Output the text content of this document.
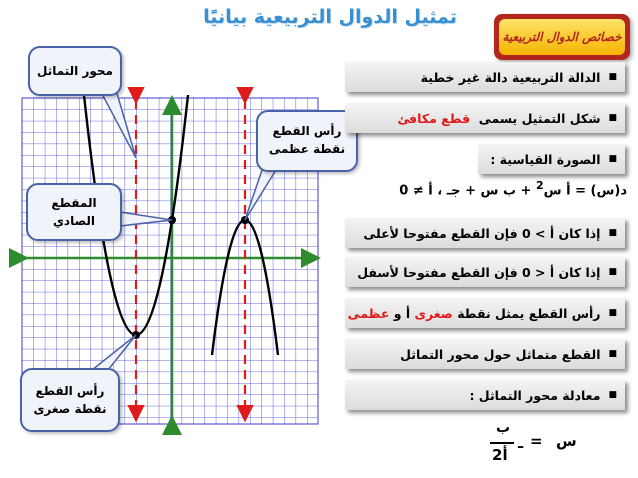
تمثيل الدوال التربيعية بيانيًا
خصائص الدوال التربيعية
محور التماثل
رأس القطع
نقطة عظمى
المقطع
الصادي
رأس القطع
نقطة صغرى
■
الدالة التربيعية دالة غير خطية
■
شكل التمثيل يسمى

قطع مكافئ
■
الصورة القياسية :
د(س) = أ س$^2$ + ب س + جـ ، أ ≠ 0
■
إذا كان أ > 0 فإن القطع مفتوحا لأعلى
■
إذا كان أ < 0 فإن القطع مفتوحا لأسفل
■
رأس القطع يمثل نقطة

صغرى

أ و

عظمى
■
القطع متماثل حول محور التماثل
■
معادلة محور التماثل :
ب
2أ
ـ = س
